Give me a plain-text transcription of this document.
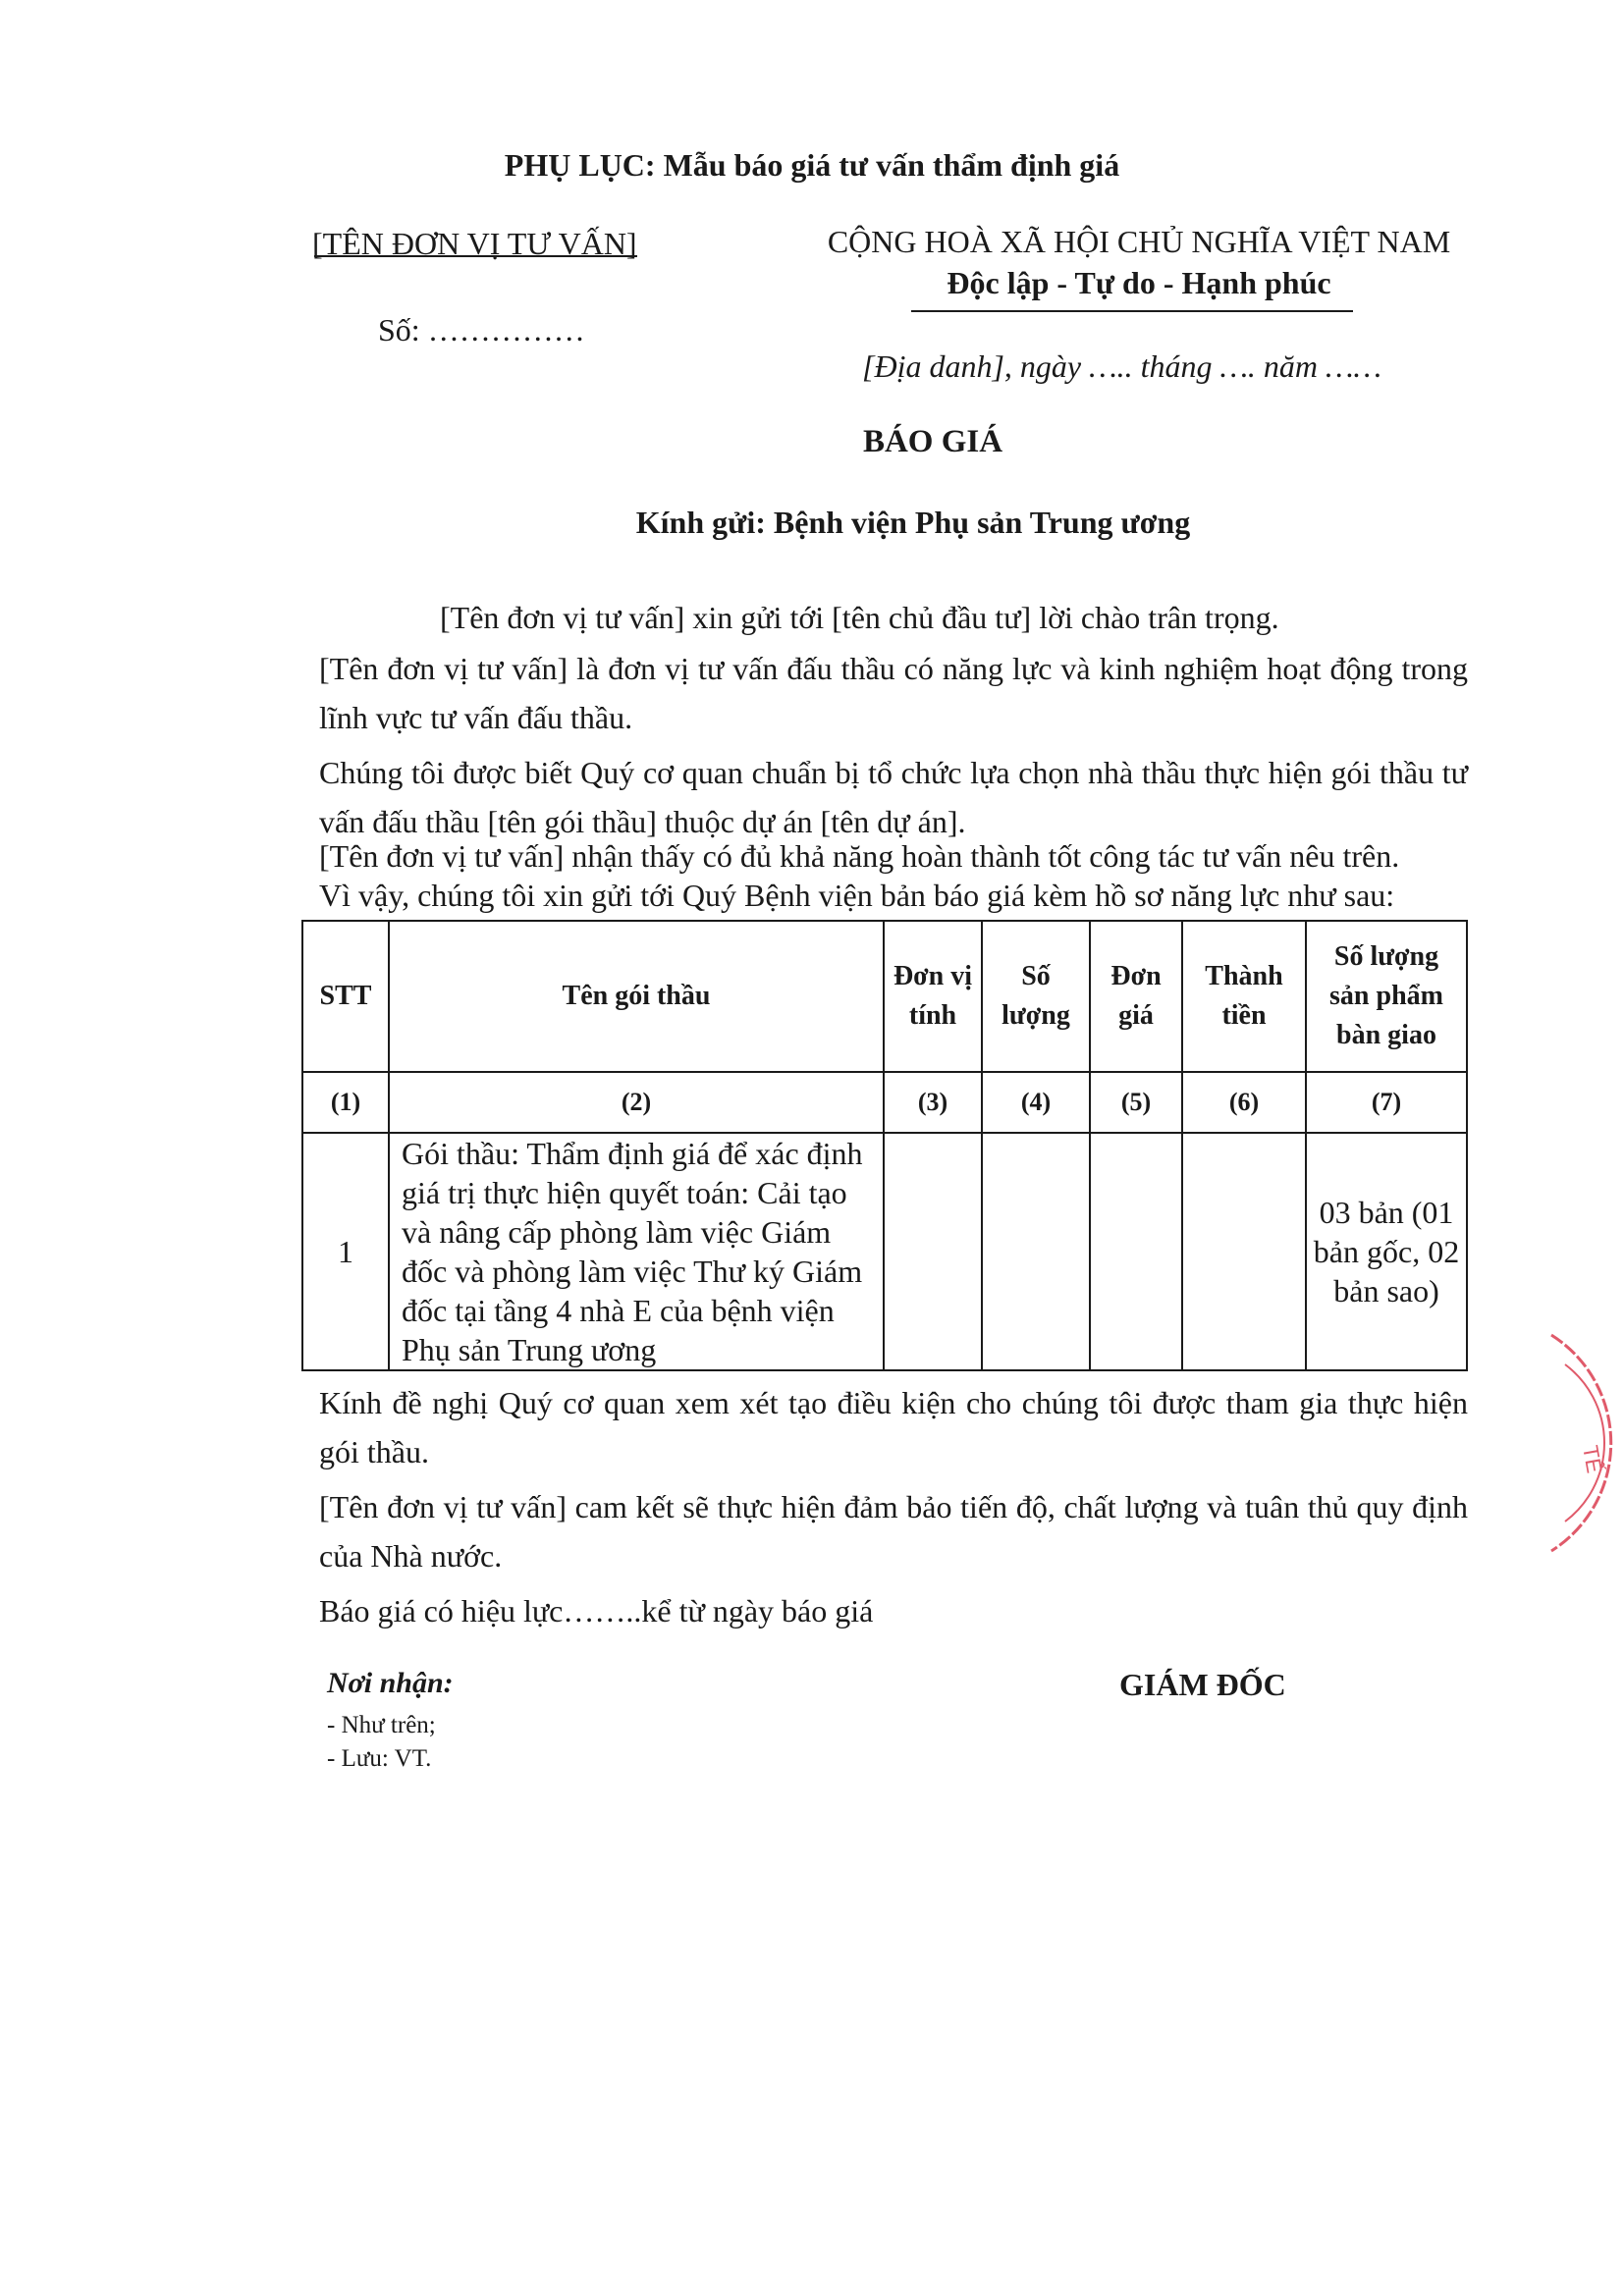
PHỤ LỤC: Mẫu báo giá tư vấn thẩm định giá
[TÊN ĐƠN VỊ TƯ VẤN]
Số: ……………
CỘNG HOÀ XÃ HỘI CHỦ NGHĨA VIỆT NAM
Độc lập - Tự do - Hạnh phúc
[Địa danh], ngày ….. tháng …. năm ……
BÁO GIÁ
Kính gửi: Bệnh viện Phụ sản Trung ương
[Tên đơn vị tư vấn] xin gửi tới [tên chủ đầu tư] lời chào trân trọng.
[Tên đơn vị tư vấn] là đơn vị tư vấn đấu thầu có năng lực và kinh nghiệm hoạt động trong lĩnh vực tư vấn đấu thầu.
Chúng tôi được biết Quý cơ quan chuẩn bị tổ chức lựa chọn nhà thầu thực hiện gói thầu tư vấn đấu thầu [tên gói thầu] thuộc dự án [tên dự án].
[Tên đơn vị tư vấn] nhận thấy có đủ khả năng hoàn thành tốt công tác tư vấn nêu trên.
Vì vậy, chúng tôi xin gửi tới Quý Bệnh viện bản báo giá kèm hồ sơ năng lực như sau:
STT	Tên gói thầu	Đơn vị tính	Số lượng	Đơn giá	Thành tiền	Số lượng sản phẩm bàn giao
(1)	(2)	(3)	(4)	(5)	(6)	(7)
1	Gói thầu: Thẩm định giá để xác định giá trị thực hiện quyết toán: Cải tạo và nâng cấp phòng làm việc Giám đốc và phòng làm việc Thư ký Giám đốc tại tầng 4 nhà E của bệnh viện Phụ sản Trung ương					03 bản (01 bản gốc, 02 bản sao)
Kính đề nghị Quý cơ quan xem xét tạo điều kiện cho chúng tôi được tham gia thực hiện gói thầu.
[Tên đơn vị tư vấn] cam kết sẽ thực hiện đảm bảo tiến độ, chất lượng và tuân thủ quy định của Nhà nước.
Báo giá có hiệu lực……..kể từ ngày báo giá
Nơi nhận:
- Như trên;
- Lưu: VT.
GIÁM ĐỐC
TẾ
